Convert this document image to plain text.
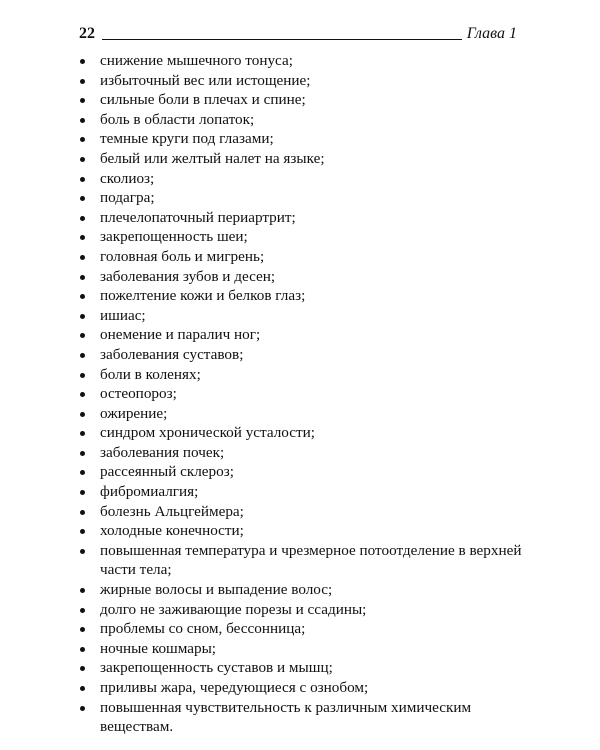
22	Глава 1
снижение мышечного тонуса;
избыточный вес или истощение;
сильные боли в плечах и спине;
боль в области лопаток;
темные круги под глазами;
белый или желтый налет на языке;
сколиоз;
подагра;
плечелопаточный периартрит;
закрепощенность шеи;
головная боль и мигрень;
заболевания зубов и десен;
пожелтение кожи и белков глаз;
ишиас;
онемение и паралич ног;
заболевания суставов;
боли в коленях;
остеопороз;
ожирение;
синдром хронической усталости;
заболевания почек;
рассеянный склероз;
фибромиалгия;
болезнь Альцгеймера;
холодные конечности;
повышенная температура и чрезмерное потоотделение в верхней части тела;
жирные волосы и выпадение волос;
долго не заживающие порезы и ссадины;
проблемы со сном, бессонница;
ночные кошмары;
закрепощенность суставов и мышц;
приливы жара, чередующиеся с ознобом;
повышенная чувствительность к различным химическим веществам.
